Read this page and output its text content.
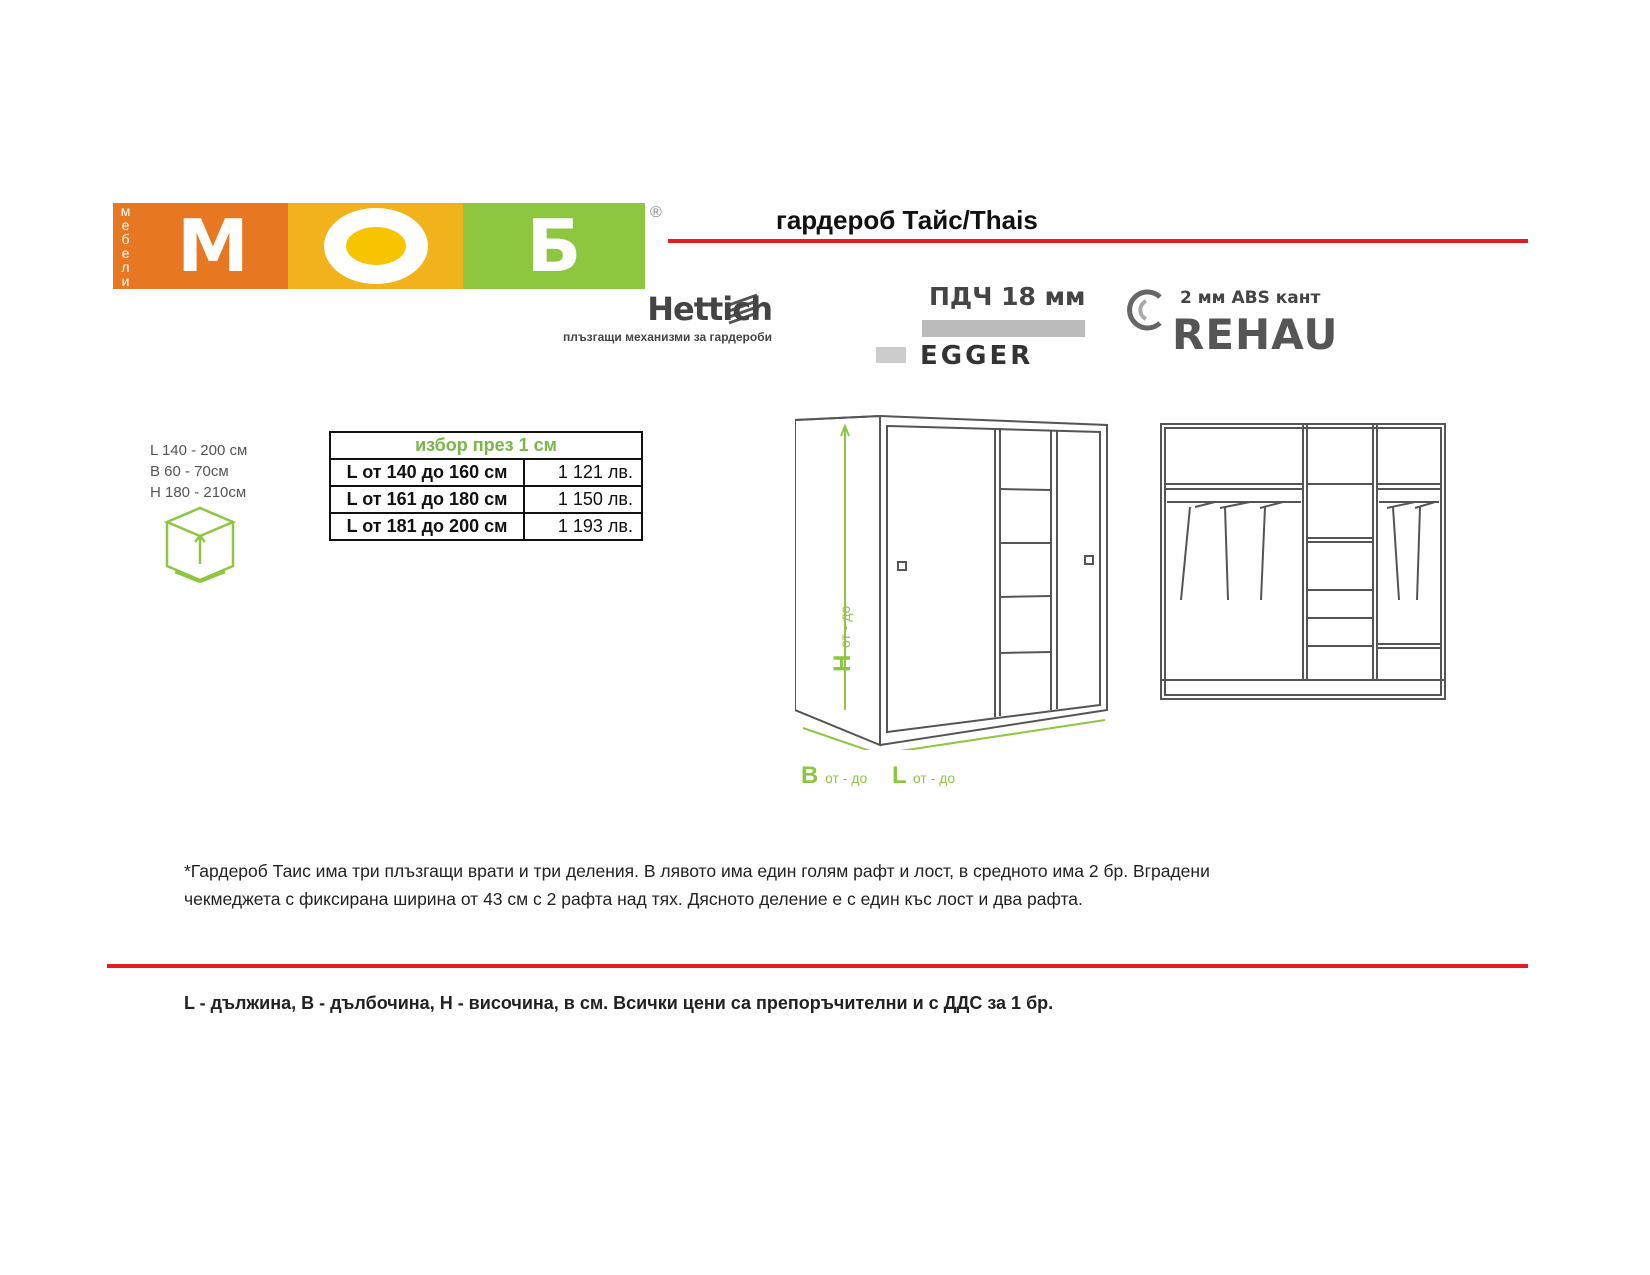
м
е
б
е
л
и М	Б	®	гардероб Тайс/Thais
Hettich
плъзгащи механизми за гардероби
ПДЧ 18 мм
EGGER
2 мм ABS кант
REHAU
L 140 - 200 см
B 60 - 70см
H 180 - 210см
избор през 1 см	
L от 140 до 160 см	1 121 лв.
L от 161 до 180 см	1 150 лв.
L от 181 до 200 см	1 193 лв.
H от - до
B от - до L от - до
*Гардероб Таис има три плъзгащи врати и три деления. В лявото има един голям рафт и лост, в средното има 2 бр. Вградени
чекмеджета с фиксирана ширина от 43 см с 2 рафта над тях. Дясното деление е с един къс лост и два рафта.
L - дължина, B - дълбочина, H - височина, в см. Всички цени са препоръчителни и с ДДС за 1 бр.
